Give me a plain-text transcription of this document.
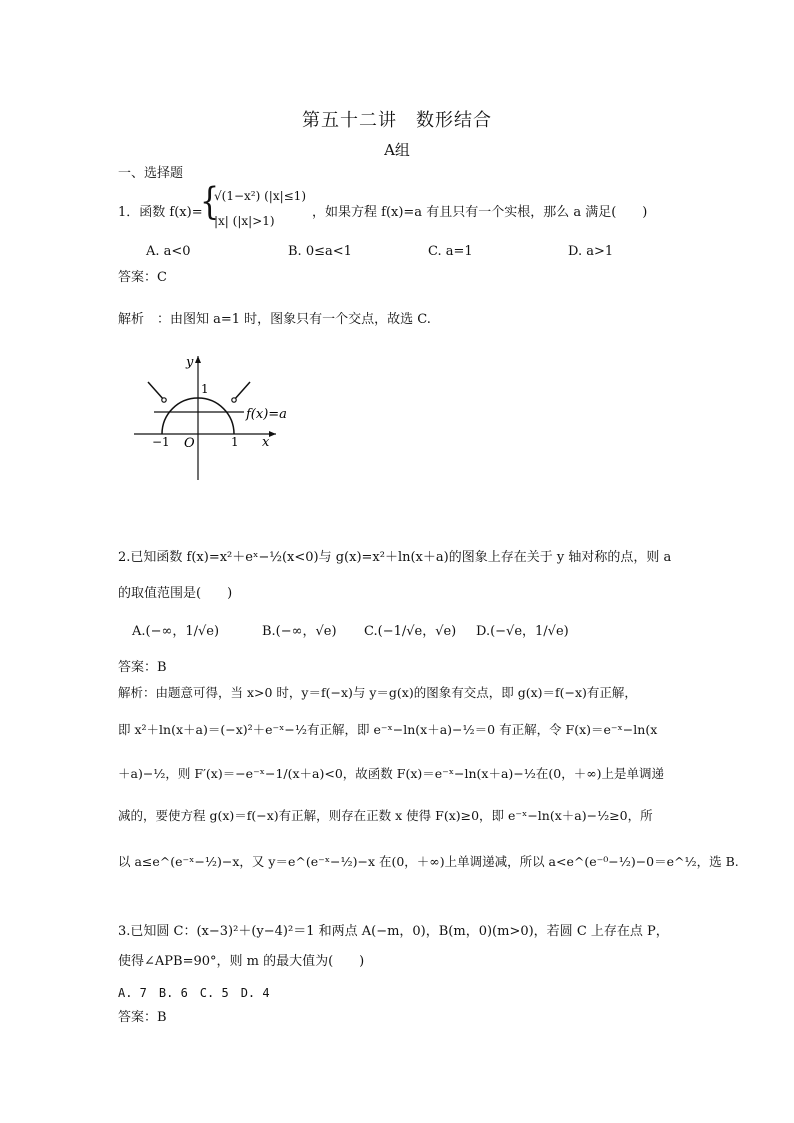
第五十二讲　数形结合
A组
一、选择题
1．函数 f(x)=
{
√(1−x²) (|x|≤1)
|x| (|x|>1)
，如果方程 f(x)=a 有且只有一个实根，那么 a 满足(　　)
A. a<0	B. 0≤a<1	C. a=1	D. a>1
答案：C
解析　：由图知 a=1 时，图象只有一个交点，故选 C.
y
x
1
−1 O	1
f(x)=a
2.已知函数 f(x)=x²＋eˣ−½(x<0)与 g(x)=x²＋ln(x＋a)的图象上存在关于 y 轴对称的点，则 a
的取值范围是(　　)
A.(−∞，1/√e)	B.(−∞，√e) C.(−1/√e，√e) D.(−√e，1/√e)
答案：B
解析：由题意可得，当 x>0 时，y＝f(−x)与 y＝g(x)的图象有交点，即 g(x)＝f(−x)有正解，
即 x²＋ln(x＋a)＝(−x)²＋e⁻ˣ−½有正解，即 e⁻ˣ−ln(x＋a)−½＝0 有正解，令 F(x)＝e⁻ˣ−ln(x
＋a)−½，则 F′(x)＝−e⁻ˣ−1/(x＋a)<0，故函数 F(x)＝e⁻ˣ−ln(x＋a)−½在(0，＋∞)上是单调递
减的，要使方程 g(x)＝f(−x)有正解，则存在正数 x 使得 F(x)≥0，即 e⁻ˣ−ln(x＋a)−½≥0，所
以 a≤e^(e⁻ˣ−½)−x，又 y＝e^(e⁻ˣ−½)−x 在(0，＋∞)上单调递减，所以 a<e^(e⁻⁰−½)−0＝e^½，选 B.
3.已知圆 C：(x−3)²＋(y−4)²＝1 和两点 A(−m，0)，B(m，0)(m>0)，若圆 C 上存在点 P，
使得∠APB=90°，则 m 的最大值为(　　)
A. 7　B. 6　C. 5　D. 4
答案：B
